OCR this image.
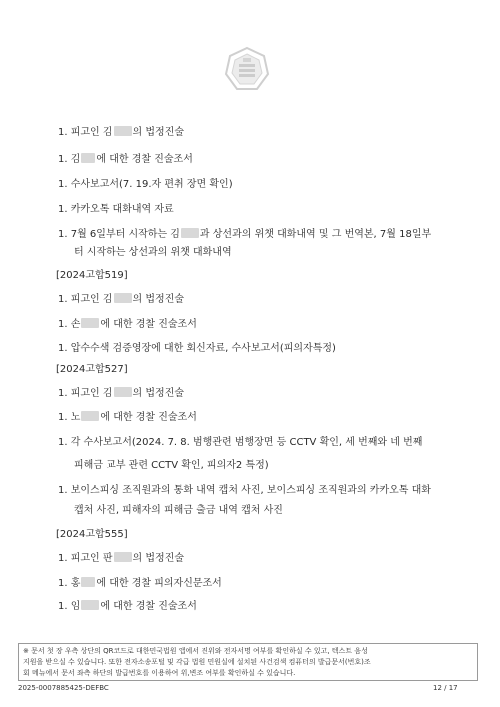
1. 피고인 김 의 법정진술
1. 김 에 대한 경찰 진술조서
1. 수사보고서(7. 19.자 편취 장면 확인)
1. 카카오톡 대화내역 자료
1. 7월 6일부터 시작하는 김 과 상선과의 위챗 대화내역 및 그 번역본, 7월 18일부
터 시작하는 상선과의 위챗 대화내역
[2024고합519]
1. 피고인 김 의 법정진술
1. 손 에 대한 경찰 진술조서
1. 압수수색 검증영장에 대한 회신자료, 수사보고서(피의자특정)
[2024고합527]
1. 피고인 김 의 법정진술
1. 노 에 대한 경찰 진술조서
1. 각 수사보고서(2024. 7. 8. 범행관련 범행장면 등 CCTV 확인, 세 번째와 네 번째
피해금 교부 관련 CCTV 확인, 피의자2 특정)
1. 보이스피싱 조직원과의 통화 내역 캡처 사진, 보이스피싱 조직원과의 카카오톡 대화
캡처 사진, 피해자의 피해금 출금 내역 캡처 사진
[2024고합555]
1. 피고인 판 의 법정진술
1. 홍 에 대한 경찰 피의자신문조서
1. 임 에 대한 경찰 진술조서
※ 문서 첫 장 우측 상단의 QR코드로 대한민국법원 앱에서 진위와 전자서명 여부를 확인하실 수 있고, 텍스트 음성
지원을 받으실 수 있습니다. 또한 전자소송포털 및 각급 법원 민원실에 설치된 사건검색 컴퓨터의 발급문서(번호)조
회 메뉴에서 문서 좌측 하단의 발급번호를 이용하여 위,변조 여부를 확인하실 수 있습니다.
2025-0007885425-DEFBC	12 / 17
